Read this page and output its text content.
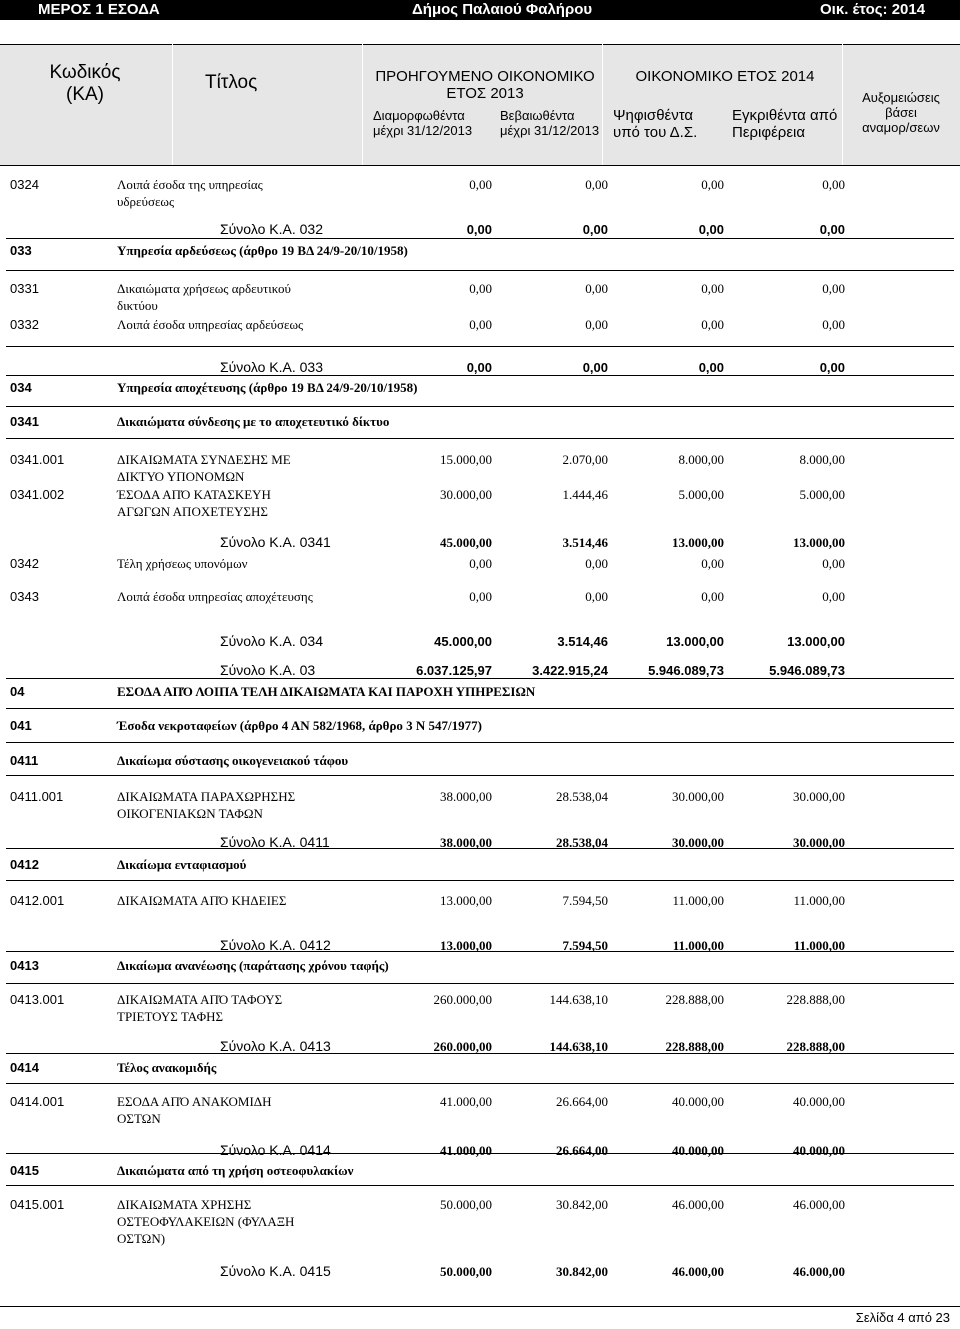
ΜΕΡΟΣ 1 ΕΣΟΔΑ	Δήμος Παλαιού Φαλήρου	Οικ. έτος: 2014
Κωδικός
(ΚΑ)
Τίτλος	ΠΡΟΗΓΟΥΜΕΝΟ ΟΙΚΟΝΟΜΙΚΟ
ΕΤΟΣ 2013
Διαμορφωθέντα
μέχρι 31/12/2013
Βεβαιωθέντα
μέχρι 31/12/2013
ΟΙΚΟΝΟΜΙΚΟ ΕΤΟΣ 2014
Ψηφισθέντα
υπό του Δ.Σ.
Εγκριθέντα από
Περιφέρεια
Αυξομειώσεις
βάσει
αναμορ/σεων
0324	Λοιπά έσοδα της υπηρεσίας
υδρεύσεως
0,00	0,00	0,00	0,00
Σύνολο Κ.Α. 032	0,00	0,00	0,00	0,00
033	Υπηρεσία αρδεύσεως (άρθρο 19 ΒΔ 24/9-20/10/1958)
0331	Δικαιώματα χρήσεως αρδευτικού
δικτύου
0,00	0,00	0,00	0,00
0332	Λοιπά έσοδα υπηρεσίας αρδεύσεως	0,00	0,00	0,00	0,00
Σύνολο Κ.Α. 033	0,00	0,00	0,00	0,00
034	Υπηρεσία αποχέτευσης (άρθρο 19 ΒΔ 24/9-20/10/1958)
0341	Δικαιώματα σύνδεσης με το αποχετευτικό δίκτυο
0341.001	ΔΙΚΑΙΩΜΑΤΑ ΣΥΝΔΕΣΗΣ ΜΕ
ΔΙΚΤΥΟ ΥΠΟΝΟΜΩΝ
15.000,00	2.070,00	8.000,00	8.000,00
0341.002	ΈΣΟΔΑ ΑΠΌ ΚΑΤΑΣΚΕΥΗ
ΑΓΩΓΩΝ ΑΠΟΧΕΤΕΥΣΗΣ
30.000,00	1.444,46	5.000,00	5.000,00
Σύνολο Κ.Α. 0341	45.000,00	3.514,46	13.000,00	13.000,00
0342	Τέλη χρήσεως υπονόμων	0,00	0,00	0,00	0,00
0343	Λοιπά έσοδα υπηρεσίας αποχέτευσης	0,00	0,00	0,00	0,00
Σύνολο Κ.Α. 034	45.000,00	3.514,46	13.000,00	13.000,00
Σύνολο Κ.Α. 03	6.037.125,97	3.422.915,24	5.946.089,73	5.946.089,73
04	ΕΣΟΔΑ ΑΠΌ ΛΟΙΠΑ ΤΕΛΗ ΔΙΚΑΙΩΜΑΤΑ ΚΑΙ ΠΑΡΟΧΗ ΥΠΗΡΕΣΙΩΝ
041	Έσοδα νεκροταφείων (άρθρο 4 ΑΝ 582/1968, άρθρο 3 Ν 547/1977)
0411	Δικαίωμα σύστασης οικογενειακού τάφου
0411.001	ΔΙΚΑΙΩΜΑΤΑ ΠΑΡΑΧΩΡΗΣΗΣ
ΟΙΚΟΓΕΝΙΑΚΩΝ ΤΑΦΩΝ
38.000,00	28.538,04	30.000,00	30.000,00
Σύνολο Κ.Α. 0411	38.000,00	28.538,04	30.000,00	30.000,00
0412	Δικαίωμα ενταφιασμού
0412.001	ΔΙΚΑΙΩΜΑΤΑ ΑΠΌ ΚΗΔΕΙΕΣ	13.000,00	7.594,50	11.000,00	11.000,00
Σύνολο Κ.Α. 0412	13.000,00	7.594,50	11.000,00	11.000,00
0413	Δικαίωμα ανανέωσης (παράτασης χρόνου ταφής)
0413.001	ΔΙΚΑΙΩΜΑΤΑ ΑΠΌ ΤΑΦΟΥΣ
ΤΡΙΕΤΟΥΣ ΤΑΦΗΣ
260.000,00	144.638,10	228.888,00	228.888,00
Σύνολο Κ.Α. 0413	260.000,00	144.638,10	228.888,00	228.888,00
0414	Τέλος ανακομιδής
0414.001	ΕΣΟΔΑ ΑΠΌ ΑΝΑΚΟΜΙΔΗ
ΟΣΤΩΝ
41.000,00	26.664,00	40.000,00	40.000,00
Σύνολο Κ.Α. 0414	41.000,00	26.664,00	40.000,00	40.000,00
0415	Δικαιώματα από τη χρήση οστεοφυλακίων
0415.001	ΔΙΚΑΙΩΜΑΤΑ ΧΡΗΣΗΣ
ΟΣΤΕΟΦΥΛΑΚΕΙΩΝ (ΦΥΛΑΞΗ
ΟΣΤΩΝ)
50.000,00	30.842,00	46.000,00	46.000,00
Σύνολο Κ.Α. 0415	50.000,00	30.842,00	46.000,00	46.000,00
Σελίδα 4 από 23
